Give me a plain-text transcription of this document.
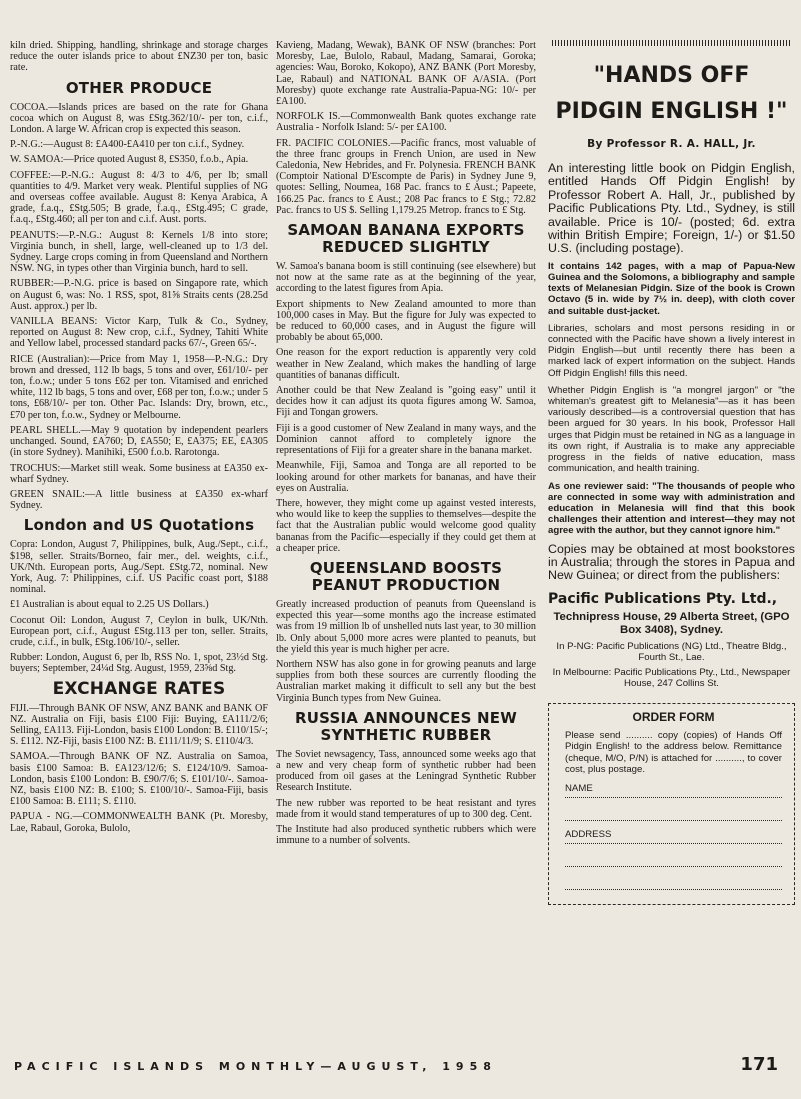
kiln dried. Shipping, handling, shrinkage and storage charges reduce the outer islands price to about £NZ30 per ton, basic rate.

OTHER PRODUCE

COCOA.—Islands prices are based on the rate for Ghana cocoa which on August 8, was £Stg.362/10/- per ton, c.i.f., London. A large W. African crop is expected this season.

P.-N.G.:—August 8: £A400-£A410 per ton c.i.f., Sydney.

W. SAMOA:—Price quoted August 8, £S350, f.o.b., Apia.

COFFEE:—P.-N.G.: August 8: 4/3 to 4/6, per lb; small quantities to 4/9. Market very weak. Plentiful supplies of NG and overseas coffee available. August 8: Kenya Arabica, A grade, f.a.q., £Stg.505; B grade, f.a.q., £Stg.495; C grade, f.a.q., £Stg.460; all per ton and c.i.f. Aust. ports.

PEANUTS:—P.-N.G.: August 8: Kernels 1/8 into store; Virginia bunch, in shell, large, well-cleaned up to 1/3 del. Sydney. Large crops coming in from Queensland and Northern NSW. NG, in types other than Virginia bunch, hard to sell.

RUBBER:—P.-N.G. price is based on Singapore rate, which on August 6, was: No. 1 RSS, spot, 81⅝ Straits cents (28.25d Aust. approx.) per lb.

VANILLA BEANS: Victor Karp, Tulk & Co., Sydney, reported on August 8: New crop, c.i.f., Sydney, Tahiti White and Yellow label, processed standard packs 67/-, Green 65/-.

RICE (Australian):—Price from May 1, 1958—P.-N.G.: Dry brown and dressed, 112 lb bags, 5 tons and over, £61/10/- per ton, f.o.w.; under 5 tons £62 per ton. Vitamised and enriched white, 112 lb bags, 5 tons and over, £68 per ton, f.o.w.; under 5 tons, £68/10/- per ton. Other Pac. Islands: Dry, brown, etc., £70 per ton, f.o.w., Sydney or Melbourne.

PEARL SHELL.—May 9 quotation by independent pearlers unchanged. Sound, £A760; D, £A550; E, £A375; EE, £A305 (in store Sydney). Manihiki, £500 f.o.b. Rarotonga.

TROCHUS:—Market still weak. Some business at £A350 ex-wharf Sydney.

GREEN SNAIL:—A little business at £A350 ex-wharf Sydney.

London and US Quotations

Copra: London, August 7, Philippines, bulk, Aug./Sept., c.i.f., $198, seller. Straits/Borneo, fair mer., del. weights, c.i.f., UK/Nth. European ports, Aug./Sept. £Stg.72, nominal. New York, Aug. 7: Philippines, c.i.f. US Pacific coast port, $188 nominal.

£1 Australian is about equal to 2.25 US Dollars.)

Coconut Oil: London, August 7, Ceylon in bulk, UK/Nth. European port, c.i.f., August £Stg.113 per ton, seller. Straits, crude, c.i.f., in bulk, £Stg.106/10/-, seller.

Rubber: London, August 6, per lb, RSS No. 1, spot, 23½d Stg. buyers; September, 24¼d Stg. August, 1959, 23⅝d Stg.

EXCHANGE RATES

FIJI.—Through BANK OF NSW, ANZ BANK and BANK OF NZ. Australia on Fiji, basis £100 Fiji: Buying, £A111/2/6; Selling, £A113. Fiji-London, basis £100 London: B. £110/15/-; S. £112. NZ-Fiji, basis £100 NZ: B. £111/11/9; S. £110/4/3.

SAMOA.—Through BANK OF NZ. Australia on Samoa, basis £100 Samoa: B. £A123/12/6; S. £124/10/9. Samoa-London, basis £100 London: B. £90/7/6; S. £101/10/-. Samoa-NZ, basis £100 NZ: B. £100; S. £100/10/-. Samoa-Fiji, basis £100 Samoa: B. £111; S. £110.

PAPUA - NG.—COMMONWEALTH BANK (Pt. Moresby, Lae, Rabaul, Goroka, Bulolo,

Kavieng, Madang, Wewak), BANK OF NSW (branches: Port Moresby, Lae, Bulolo, Rabaul, Madang, Samarai, Goroka; agencies: Wau, Boroko, Kokopo), ANZ BANK (Port Moresby, Lae, Rabaul) and NATIONAL BANK OF A/ASIA. (Port Moresby) quote exchange rate Australia-Papua-NG: 10/- per £A100.

NORFOLK IS.—Commonwealth Bank quotes exchange rate Australia - Norfolk Island: 5/- per £A100.

FR. PACIFIC COLONIES.—Pacific francs, most valuable of the three franc groups in French Union, are used in New Caledonia, New Hebrides, and Fr. Polynesia. FRENCH BANK (Comptoir National D'Escompte de Paris) in Sydney June 9, quotes: Selling, Noumea, 168 Pac. francs to £ Aust.; Papeete, 166.25 Pac. francs to £ Aust.; 208 Pac francs to £ Stg.; 72.82 Pac. francs to US $. Selling 1,179.25 Metrop. francs to £ Stg.

SAMOAN BANANA EXPORTS REDUCED SLIGHTLY

W. Samoa's banana boom is still continuing (see elsewhere) but not now at the same rate as at the beginning of the year, according to the latest figures from Apia.

Export shipments to New Zealand amounted to more than 100,000 cases in May. But the figure for July was expected to be reduced to 60,000 cases, and in August the figure will probably be about 65,000.

One reason for the export reduction is apparently very cold weather in New Zealand, which makes the handling of large quantities of bananas difficult.

Another could be that New Zealand is "going easy" until it decides how it can adjust its quota figures among W. Samoa, Fiji and Tongan growers.

Fiji is a good customer of New Zealand in many ways, and the Dominion cannot afford to completely ignore the representations of Fiji for a greater share in the banana market.

Meanwhile, Fiji, Samoa and Tonga are all reported to be looking around for other markets for bananas, and have their eyes on Australia.

There, however, they might come up against vested interests, who would like to keep the supplies to themselves—despite the fact that the Australian public would welcome good quality bananas from the Pacific—especially if they could get them at a cheaper price.

QUEENSLAND BOOSTS PEANUT PRODUCTION

Greatly increased production of peanuts from Queensland is expected this year—some months ago the increase estimated was from 19 million lb of unshelled nuts last year, to 30 million lb. Only about 5,000 more acres were planted to peanuts, but the yield this year is much higher per acre.

Northern NSW has also gone in for growing peanuts and large supplies from both these sources are currently flooding the Australian market making it difficult to sell any but the best Virginia Bunch types from New Guinea.

RUSSIA ANNOUNCES NEW SYNTHETIC RUBBER

The Soviet newsagency, Tass, announced some weeks ago that a new and very cheap form of synthetic rubber had been produced from oil gases at the Leningrad Synthetic Rubber Research Institute.

The new rubber was reported to be heat resistant and tyres made from it would stand temperatures of up to 300 deg. Cent.

The Institute had also produced synthetic rubbers which were immune to a number of solvents.

"HANDS OFF PIDGIN ENGLISH !"
By Professor R. A. HALL, Jr.
An interesting little book on Pidgin English, entitled Hands Off Pidgin English! by Professor Robert A. Hall, Jr., published by Pacific Publications Pty. Ltd., Sydney, is still available. Price is 10/- (posted; 6d. extra within British Empire; Foreign, 1/-) or $1.50 U.S. (including postage).
It contains 142 pages, with a map of Papua-New Guinea and the Solomons, a bibliography and sample texts of Melanesian Pidgin. Size of the book is Crown Octavo (5 in. wide by 7½ in. deep), with cloth cover and suitable dust-jacket.
Libraries, scholars and most persons residing in or connected with the Pacific have shown a lively interest in Pidgin English—but until recently there has been a marked lack of expert information on the subject. Hands Off Pidgin English! fills this need.
Whether Pidgin English is "a mongrel jargon" or "the whiteman's greatest gift to Melanesia"—as it has been variously described—is a controversial question that has been argued for 30 years. In his book, Professor Hall urges that Pidgin must be retained in NG as a language in its own right, if Australia is to make any appreciable progress in the fields of native education, mass communication, and health training.
As one reviewer said: "The thousands of people who are connected in some way with administration and education in Melanesia will find that this book challenges their attention and interest—they may not agree with the author, but they cannot ignore him."
Copies may be obtained at most bookstores in Australia; through the stores in Papua and New Guinea; or direct from the publishers:
Pacific Publications Pty. Ltd.,
Technipress House, 29 Alberta Street, (GPO Box 3408), Sydney.
In P-NG: Pacific Publications (NG) Ltd., Theatre Bldg., Fourth St., Lae.
In Melbourne: Pacific Publications Pty., Ltd., Newspaper House, 247 Collins St.
ORDER FORM

Please send .......... copy (copies) of Hands Off Pidgin English! to the address below. Remittance (cheque, M/O, P/N) is attached for .........., to cover cost, plus postage.

NAME
ADDRESS
PACIFIC ISLANDS MONTHLY—AUGUST, 1958	171
